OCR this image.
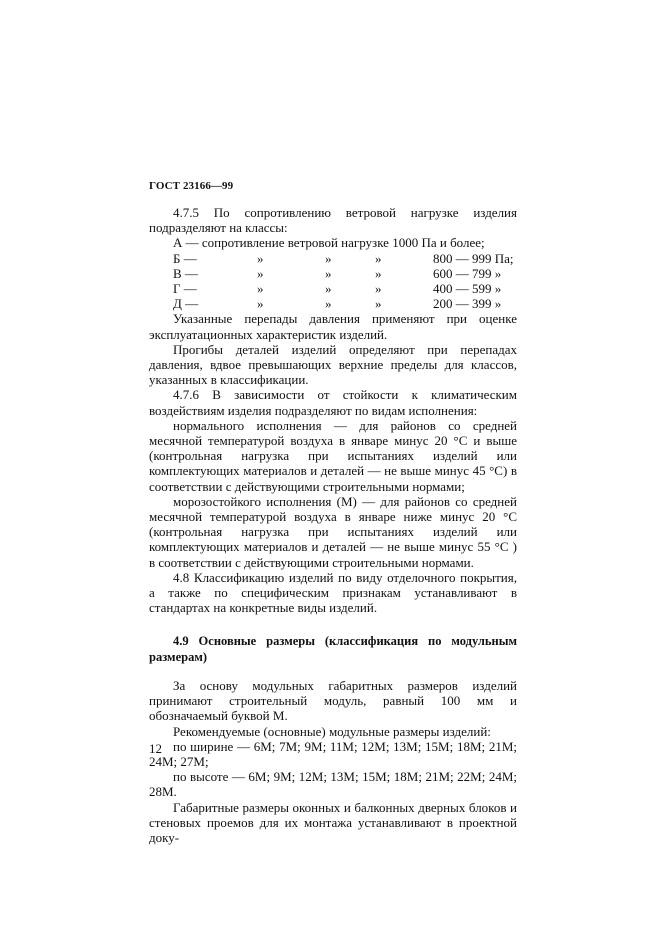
ГОСТ 23166—99

4.7.5 По сопротивлению ветровой нагрузке изделия подразделяют на классы:

А — сопротивление ветровой нагрузке 1000 Па и более;
Б —	»	»	»	800 — 999 Па;
В —	»	»	»	600 — 799 »
Г —	»	»	»	400 — 599 »
Д —	»	»	»	200 — 399 »

Указанные перепады давления применяют при оценке эксплуатационных характеристик изделий.

Прогибы деталей изделий определяют при перепадах давления, вдвое превышающих верхние пределы для классов, указанных в классификации.

4.7.6 В зависимости от стойкости к климатическим воздействиям изделия подразделяют по видам исполнения:

нормального исполнения — для районов со средней месячной температурой воздуха в январе минус 20 °С и выше (контрольная нагрузка при испытаниях изделий или комплектующих материалов и деталей — не выше минус 45 °С) в соответствии с действующими строительными нормами;

морозостойкого исполнения (М) — для районов со средней месячной температурой воздуха в январе ниже минус 20 °С (контрольная нагрузка при испытаниях изделий или комплектующих материалов и деталей — не выше минус 55 °С ) в соответствии с действующими строительными нормами.

4.8 Классификацию изделий по виду отделочного покрытия, а также по специфическим признакам устанавливают в стандартах на конкретные виды изделий.

4.9 Основные размеры (классификация по модульным размерам)

За основу модульных габаритных размеров изделий принимают строительный модуль, равный 100 мм и обозначаемый буквой М.

Рекомендуемые (основные) модульные размеры изделий:

по ширине — 6М; 7М; 9М; 11М; 12М; 13М; 15М; 18М; 21М; 24М; 27М;

по высоте — 6М; 9М; 12М; 13М; 15М; 18М; 21М; 22М; 24М; 28М.

Габаритные размеры оконных и балконных дверных блоков и стеновых проемов для их монтажа устанавливают в проектной доку-

12
